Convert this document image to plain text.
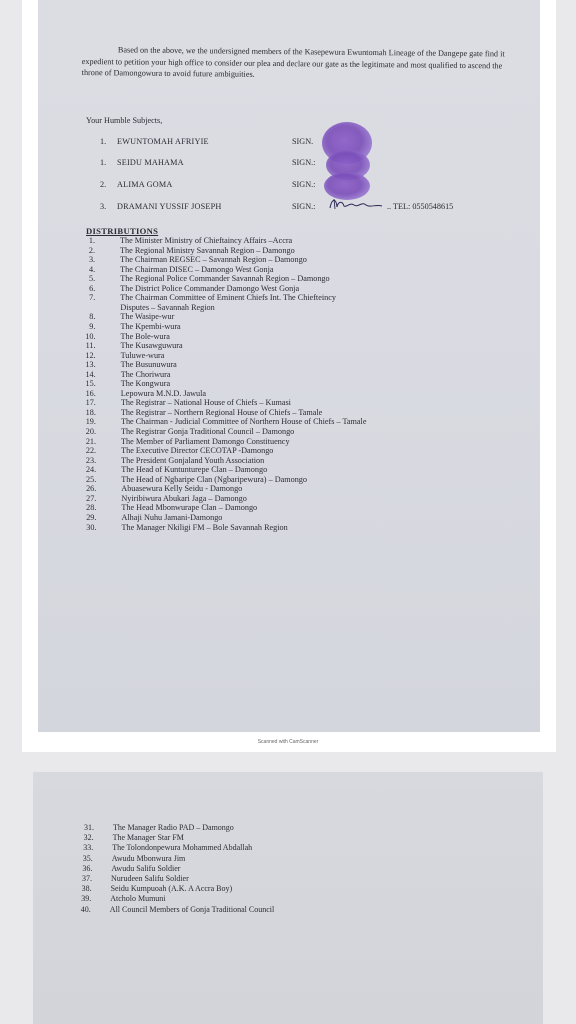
Based on the above, we the undersigned members of the Kasepewura Ewuntomah Lineage of the Dangepe gate find it expedient to petition your high office to consider our plea and declare our gate as the legitimate and most qualified to ascend the throne of Damongowura to avoid future ambiguities.

Your Humble Subjects,
1. EWUNTOMAH AFRIYIE	SIGN.
1. SEIDU MAHAMA	SIGN.:
2. ALIMA GOMA	SIGN.:
3. DRAMANI YUSSIF JOSEPH	SIGN.:	.. TEL: 0550548615
DISTRIBUTIONS
1.	The Minister Ministry of Chieftaincy Affairs –Accra
2.	The Regional Ministry Savannah Region – Damongo
3.	The Chairman REGSEC – Savannah Region – Damongo
4.	The Chairman DISEC – Damongo West Gonja
5.	The Regional Police Commander Savannah Region – Damongo
6.	The District Police Commander Damongo West Gonja
7.	The Chairman Committee of Eminent Chiefs Int. The Chiefteincy
Disputes – Savannah Region
8.	The Wasipe-wur
9.	The Kpembi-wura
10.	The Bole-wura
11.	The Kusawguwura
12.	Tuluwe-wura
13.	The Busunuwura
14.	The Choriwura
15.	The Kongwura
16.	Lepowura M.N.D. Jawula
17.	The Registrar – National House of Chiefs – Kumasi
18.	The Registrar – Northern Regional House of Chiefs – Tamale
19.	The Chairman - Judicial Committee of Northern House of Chiefs – Tamale
20.	The Registrar Gonja Traditional Council – Damongo
21.	The Member of Parliament Damongo Constituency
22.	The Executive Director CECOTAP -Damongo
23.	The President Gonjaland Youth Association
24.	The Head of Kuntunturepe Clan – Damongo
25.	The Head of Ngbaripe Clan (Ngbaripewura) – Damongo
26.	Abuasewura Kelly Seidu - Damongo
27.	Nyiribiwura Abukari Jaga – Damongo
28.	The Head Mbonwurape Clan – Damongo
29.	Alhaji Nuhu Jamani-Damongo
30.	The Manager Nkiligi FM – Bole Savannah Region
Scanned with CamScanner
31. The Manager Radio PAD – Damongo
32. The Manager Star FM
33. The Tolondonpewura Mohammed Abdallah
35. Awudu Mbonwura Jim
36. Awudu Salifu Soldier
37. Nurudeen Salifu Soldier
38. Seidu Kumpuoah (A.K. A Accra Boy)
39. Atcholo Mumuni
40. All Council Members of Gonja Traditional Council
